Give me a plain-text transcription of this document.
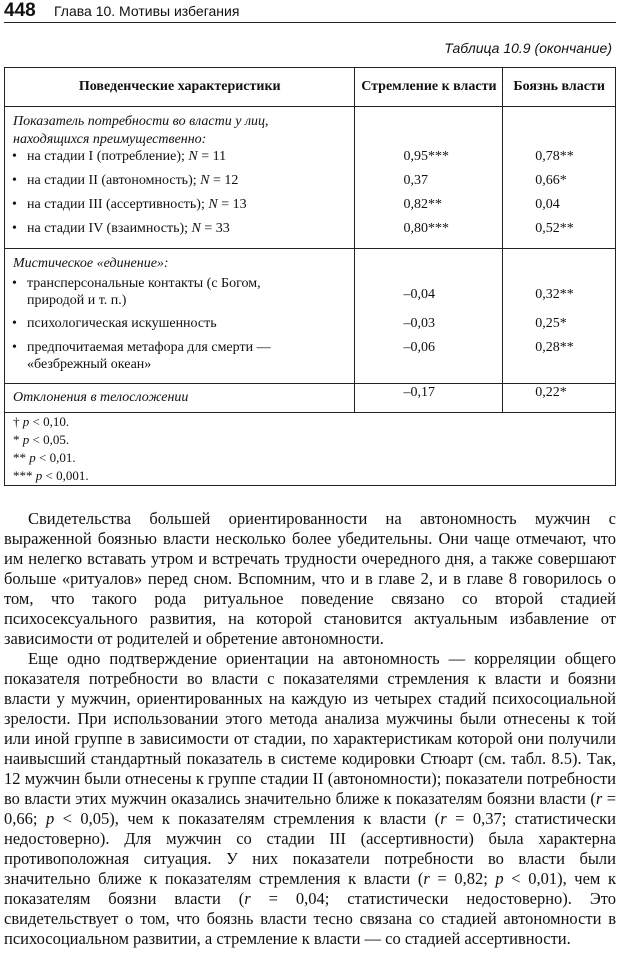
448 Глава 10. Мотивы избегания
Таблица 10.9 (окончание)
Поведенческие характеристики	Стремление к власти	Боязнь власти
Показатель потребности во власти у лиц,
находящихся преимущественно:		
• на стадии I (потребление); N = 11	0,95***	0,78**
• на стадии II (автономность); N = 12	0,37	0,66*
• на стадии III (ассертивность); N = 13	0,82**	0,04
• на стадии IV (взаимность); N = 33	0,80***	0,52**
Мистическое «единение»:		
• трансперсональные контакты (с Богом,
природой и т. п.)	–0,04	0,32**
• психологическая искушенность	–0,03	0,25*
• предпочитаемая метафора для смерти —
«безбрежный океан»	–0,06	0,28**
Отклонения в телосложении	–0,17	0,22*

† p < 0,10.
* p < 0,05.
** p < 0,01.
*** p < 0,001.		

Свидетельства большей ориентированности на автономность мужчин с выраженной боязнью власти несколько более убедительны. Они чаще отмечают, что им нелегко вставать утром и встречать трудности очередного дня, а также совершают больше «ритуалов» перед сном. Вспомним, что и в главе 2, и в главе 8 говорилось о том, что такого рода ритуальное поведение связано со второй стадией психосексуального развития, на которой становится актуальным избавление от зависимости от родителей и обретение автономности.

Еще одно подтверждение ориентации на автономность — корреляции общего показателя потребности во власти с показателями стремления к власти и боязни власти у мужчин, ориентированных на каждую из четырех стадий психосоциальной зрелости. При использовании этого метода анализа мужчины были отнесены к той или иной группе в зависимости от стадии, по характеристикам которой они получили наивысший стандартный показатель в системе кодировки Стюарт (см. табл. 8.5). Так, 12 мужчин были отнесены к группе стадии II (автономности); показатели потребности во власти этих мужчин оказались значительно ближе к показателям боязни власти (r = 0,66; p < 0,05), чем к показателям стремления к власти (r = 0,37; статистически недостоверно). Для мужчин со стадии III (ассертивности) была характерна противоположная ситуация. У них показатели потребности во власти были значительно ближе к показателям стремления к власти (r = 0,82; p < 0,01), чем к показателям боязни власти (r = 0,04; статистически недостоверно). Это свидетельствует о том, что боязнь власти тесно связана со стадией автономности в психосоциальном развитии, а стремление к власти — со стадией ассертивности.
